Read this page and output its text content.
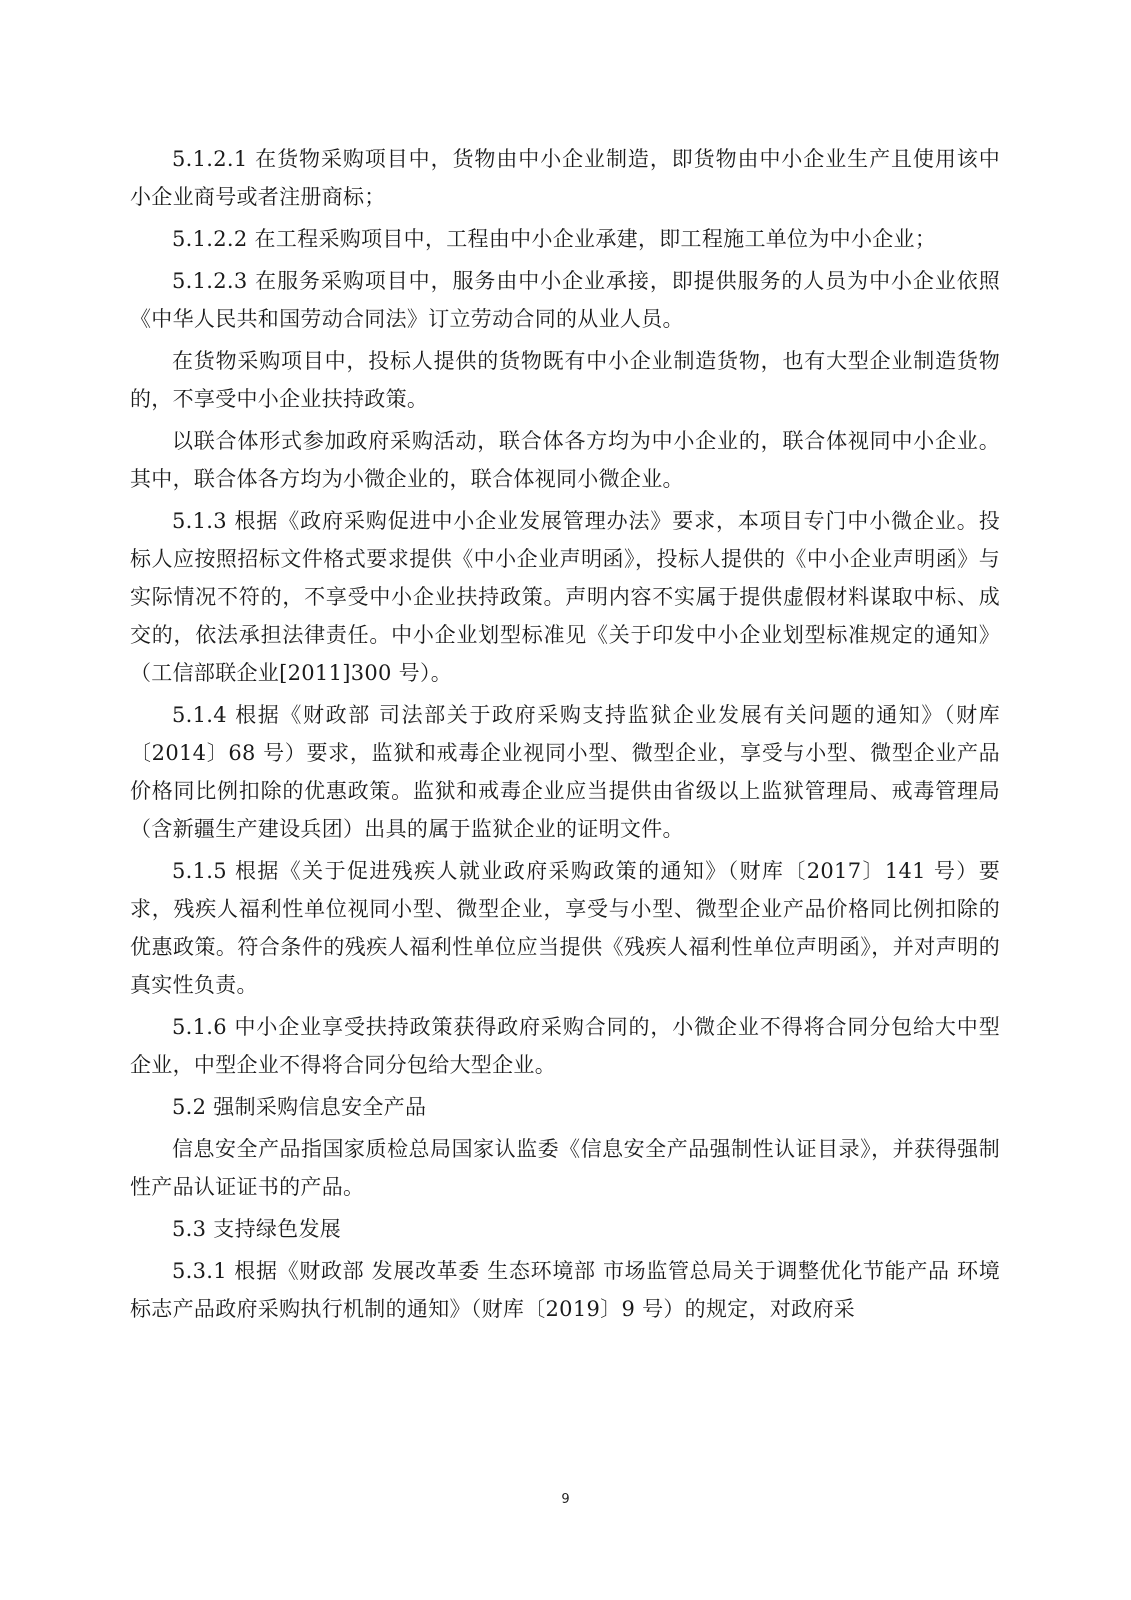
5.1.2.1 在货物采购项目中，货物由中小企业制造，即货物由中小企业生产且使用该中小企业商号或者注册商标；

5.1.2.2 在工程采购项目中，工程由中小企业承建，即工程施工单位为中小企业；

5.1.2.3 在服务采购项目中，服务由中小企业承接，即提供服务的人员为中小企业依照《中华人民共和国劳动合同法》订立劳动合同的从业人员。

在货物采购项目中，投标人提供的货物既有中小企业制造货物，也有大型企业制造货物的，不享受中小企业扶持政策。

以联合体形式参加政府采购活动，联合体各方均为中小企业的，联合体视同中小企业。其中，联合体各方均为小微企业的，联合体视同小微企业。

5.1.3 根据《政府采购促进中小企业发展管理办法》要求，本项目专门中小微企业。投标人应按照招标文件格式要求提供《中小企业声明函》，投标人提供的《中小企业声明函》与实际情况不符的，不享受中小企业扶持政策。声明内容不实属于提供虚假材料谋取中标、成交的，依法承担法律责任。中小企业划型标准见《关于印发中小企业划型标准规定的通知》（工信部联企业[2011]300 号）。

5.1.4 根据《财政部 司法部关于政府采购支持监狱企业发展有关问题的通知》（财库〔2014〕68 号）要求，监狱和戒毒企业视同小型、微型企业，享受与小型、微型企业产品价格同比例扣除的优惠政策。监狱和戒毒企业应当提供由省级以上监狱管理局、戒毒管理局（含新疆生产建设兵团）出具的属于监狱企业的证明文件。

5.1.5 根据《关于促进残疾人就业政府采购政策的通知》（财库〔2017〕141 号）要求，残疾人福利性单位视同小型、微型企业，享受与小型、微型企业产品价格同比例扣除的优惠政策。符合条件的残疾人福利性单位应当提供《残疾人福利性单位声明函》，并对声明的真实性负责。

5.1.6 中小企业享受扶持政策获得政府采购合同的，小微企业不得将合同分包给大中型企业，中型企业不得将合同分包给大型企业。

5.2 强制采购信息安全产品

信息安全产品指国家质检总局国家认监委《信息安全产品强制性认证目录》，并获得强制性产品认证证书的产品。

5.3 支持绿色发展

5.3.1 根据《财政部 发展改革委 生态环境部 市场监管总局关于调整优化节能产品 环境标志产品政府采购执行机制的通知》（财库〔2019〕9 号）的规定，对政府采

9
